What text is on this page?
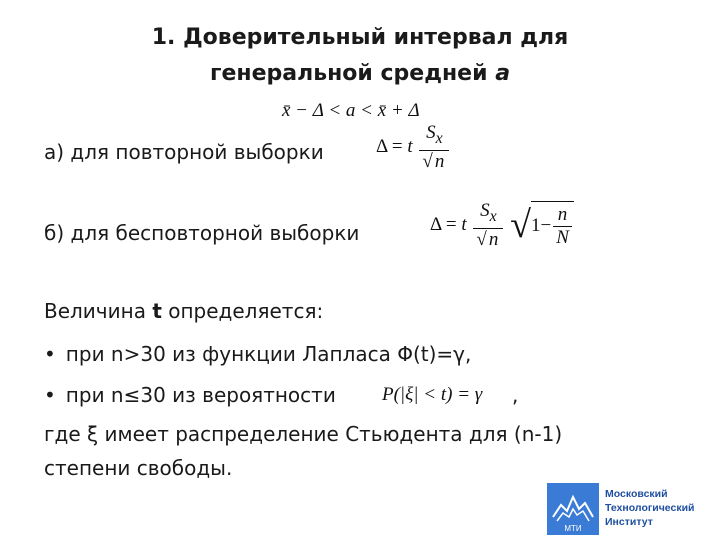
1. Доверительный интервал для
генеральной средней a
x̄ − Δ < a < x̄ + Δ
а) для повторной выборки	Δ = t $\frac{S_x}{√ n}$
б) для бесповторной выборки	Δ = t $\frac{S_x}{√ n} √1- \frac{n}{N}$
Величина t определяется:
• при n>30 из функции Лапласа Φ(t)=γ,
• при n≤30 из вероятности P(|ξ| < t) = γ ,
где ξ имеет распределение Стьюдента для (n-1)
степени свободы.
МТИ
Московский
Технологический
Институт
